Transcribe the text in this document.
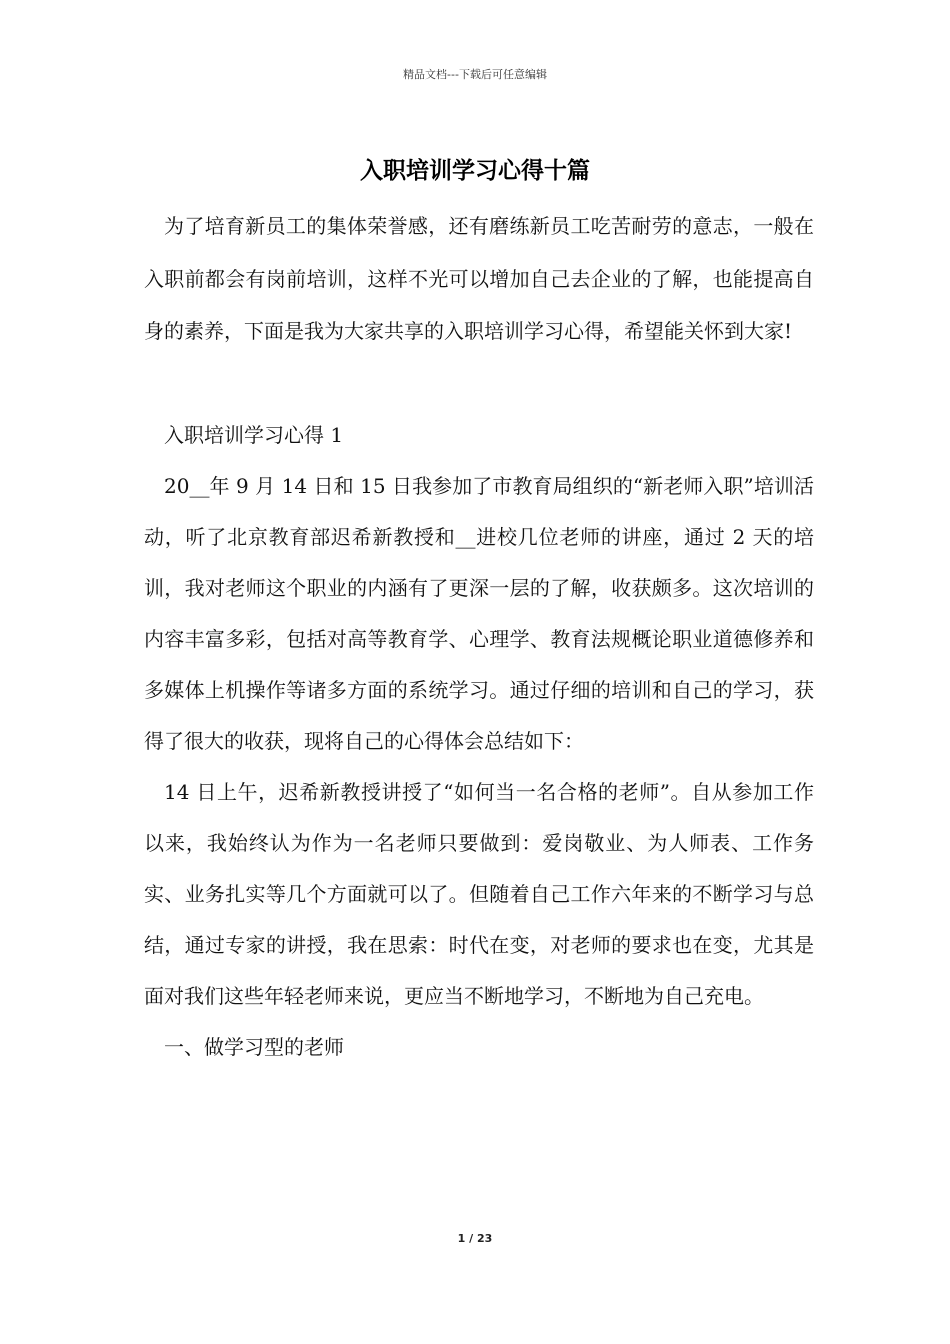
精品文档---下载后可任意编辑
入职培训学习心得十篇

为了培育新员工的集体荣誉感，还有磨练新员工吃苦耐劳的意志，一般在入职前都会有岗前培训，这样不光可以增加自己去企业的了解，也能提高自身的素养，下面是我为大家共享的入职培训学习心得，希望能关怀到大家!

入职培训学习心得 1

20__年 9 月 14 日和 15 日我参加了市教育局组织的“新老师入职”培训活动，听了北京教育部迟希新教授和__进校几位老师的讲座，通过 2 天的培训，我对老师这个职业的内涵有了更深一层的了解，收获颇多。这次培训的内容丰富多彩，包括对高等教育学、心理学、教育法规概论职业道德修养和多媒体上机操作等诸多方面的系统学习。通过仔细的培训和自己的学习，获得了很大的收获，现将自己的心得体会总结如下：

14 日上午，迟希新教授讲授了“如何当一名合格的老师”。自从参加工作以来，我始终认为作为一名老师只要做到：爱岗敬业、为人师表、工作务实、业务扎实等几个方面就可以了。但随着自己工作六年来的不断学习与总结，通过专家的讲授，我在思索：时代在变，对老师的要求也在变，尤其是面对我们这些年轻老师来说，更应当不断地学习，不断地为自己充电。

一、做学习型的老师

1 / 23
